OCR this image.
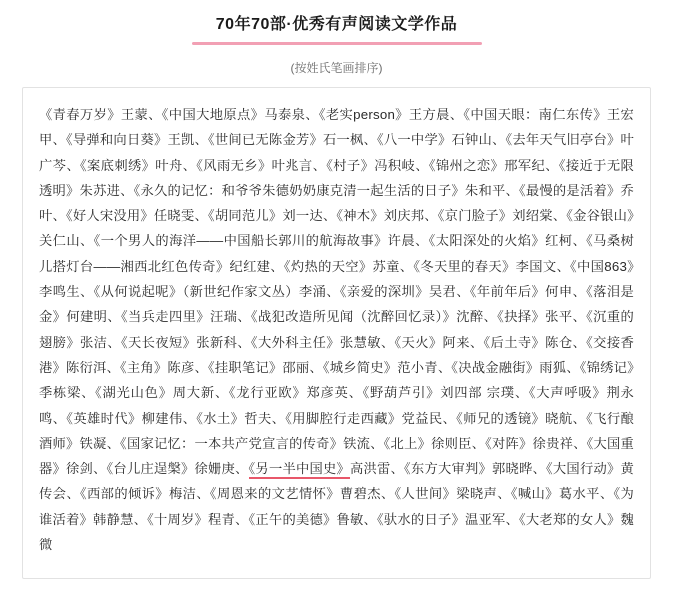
70年70部·优秀有声阅读文学作品
(按姓氏笔画排序)
《青春万岁》王蒙、《中国大地原点》马泰泉、《老实person》王方晨、《中国天眼：南仁东传》王宏甲、《导弹和向日葵》王凯、《世间已无陈金芳》石一枫、《八一中学》石钟山、《去年天气旧亭台》叶广芩、《案底刺绣》叶舟、《风雨无乡》叶兆言、《村子》冯积岐、《锦州之恋》邢军纪、《接近于无限透明》朱苏进、《永久的记忆：和爷爷朱德奶奶康克清一起生活的日子》朱和平、《最慢的是活着》乔叶、《好人宋没用》任晓雯、《胡同范儿》刘一达、《神木》刘庆邦、《京门脸子》刘绍棠、《金谷银山》关仁山、《一个男人的海洋——中国船长郭川的航海故事》许晨、《太阳深处的火焰》红柯、《马桑树儿搭灯台——湘西北红色传奇》纪红建、《灼热的天空》苏童、《冬天里的春天》李国文、《中国863》李鸣生、《从何说起呢》（新世纪作家文丛）李涌、《亲爱的深圳》吴君、《年前年后》何申、《落泪是金》何建明、《当兵走四里》汪瑞、《战犯改造所见闻（沈醉回忆录）》沈醉、《抉择》张平、《沉重的翅膀》张洁、《天长夜短》张新科、《大外科主任》张慧敏、《天火》阿来、《后土寺》陈仓、《交接香港》陈衍洱、《主角》陈彦、《挂职笔记》邵丽、《城乡简史》范小青、《决战金融街》雨狐、《锦绣记》季栋梁、《湖光山色》周大新、《龙行亚欧》郑彦英、《野葫芦引》刘四部 宗璞、《大声呼吸》荆永鸣、《英雄时代》柳建伟、《水土》哲夫、《用脚腔行走西藏》党益民、《师兄的透镜》晓航、《飞行酿酒师》铁凝、《国家记忆：一本共产党宣言的传奇》铁流、《北上》徐则臣、《对阵》徐贵祥、《大国重器》徐剑、《台儿庄逞槃》徐姗庚、《另一半中国史》高洪雷、《东方大审判》郭晓晔、《大国行动》黄传会、《西部的倾诉》梅洁、《周恩来的文艺情怀》曹碧杰、《人世间》梁晓声、《喊山》葛水平、《为谁活着》韩静慧、《十周岁》程青、《正午的美德》鲁敏、《驮水的日子》温亚军、《大老郑的女人》魏微
